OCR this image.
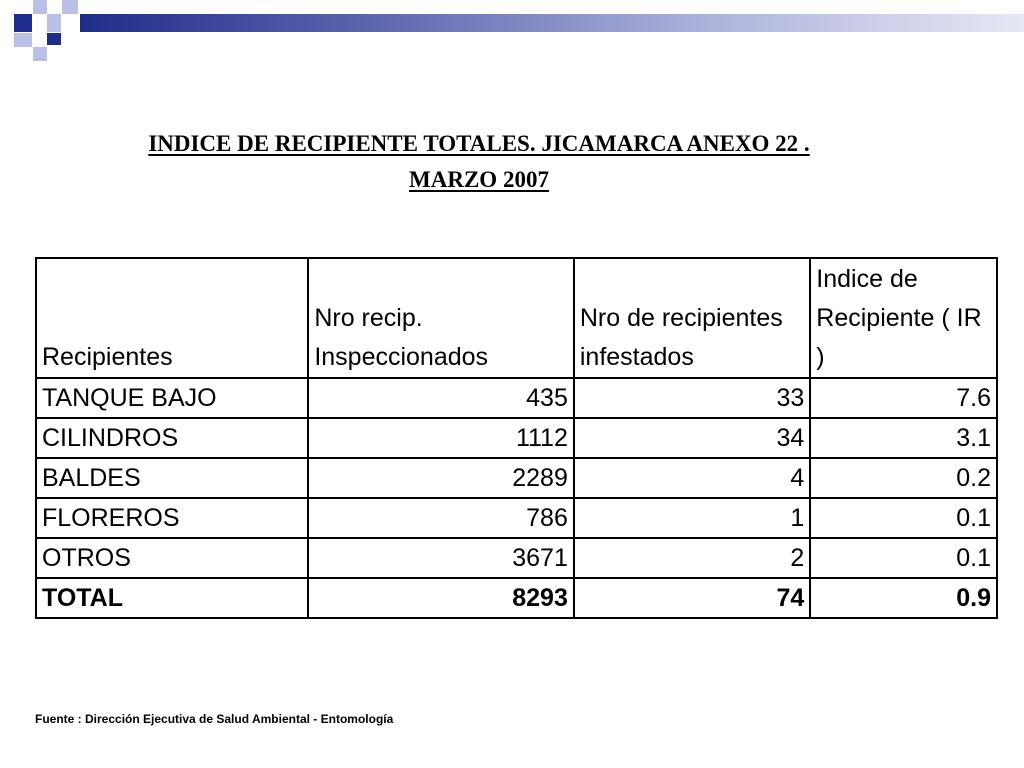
INDICE DE RECIPIENTE TOTALES. JICAMARCA ANEXO 22 .
MARZO 2007
Recipientes	Nro recip. Inspeccionados	Nro de recipientes infestados	Indice de Recipiente ( IR )
TANQUE BAJO	435	33	7.6
CILINDROS	1112	34	3.1
BALDES	2289	4	0.2
FLOREROS	786	1	0.1
OTROS	3671	2	0.1
TOTAL	8293	74	0.9
Fuente : Dirección Ejecutiva de Salud Ambiental - Entomología
